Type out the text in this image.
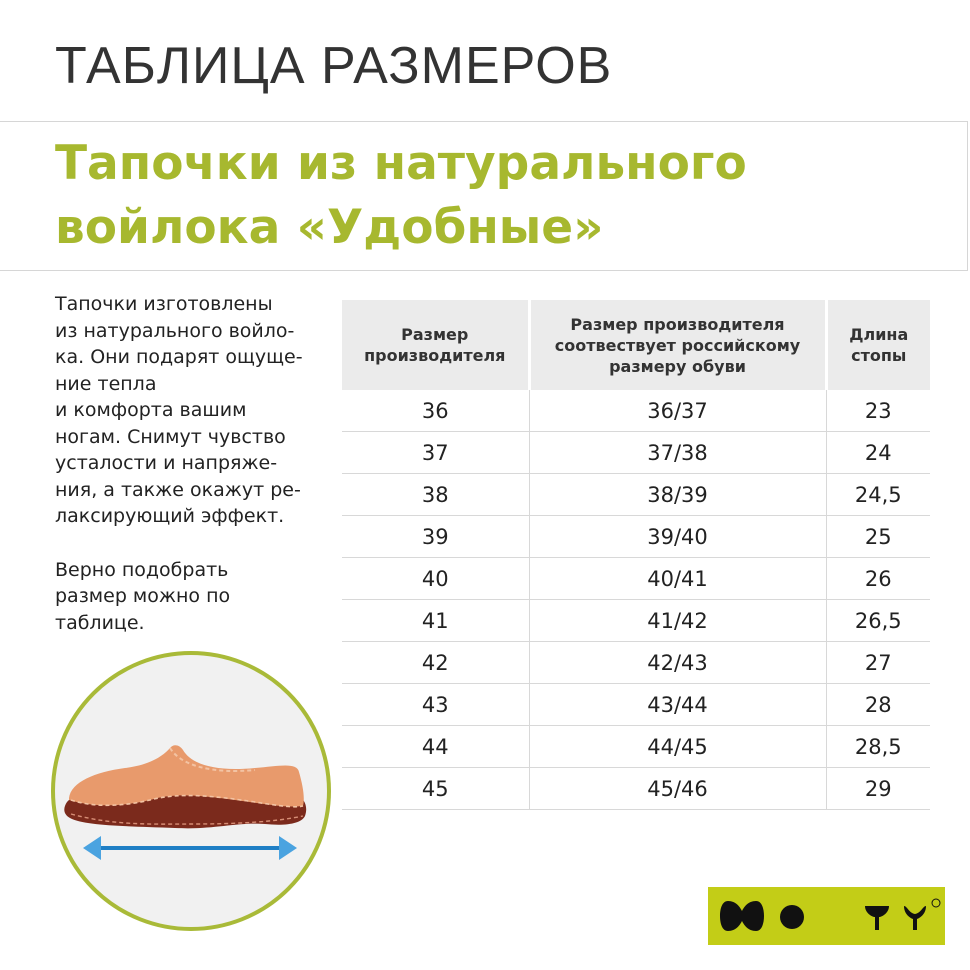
ТАБЛИЦА РАЗМЕРОВ
Тапочки из натурального
войлока «Удобные»

Тапочки изготовлены
из натурального войло-
ка. Они подарят ощуще-
ние тепла
и комфорта вашим
ногам. Снимут чувство
усталости и напряже-
ния, а также окажут ре-
лаксирующий эффект.

Верно подобрать
размер можно по
таблице.

Размер производителя	Размер производителя соотвествует российскому размеру обуви	Длина стопы
36	36/37	23
37	37/38	24
38	38/39	24,5
39	39/40	25
40	40/41	26
41	41/42	26,5
42	42/43	27
43	43/44	28
44	44/45	28,5
45	45/46	29
